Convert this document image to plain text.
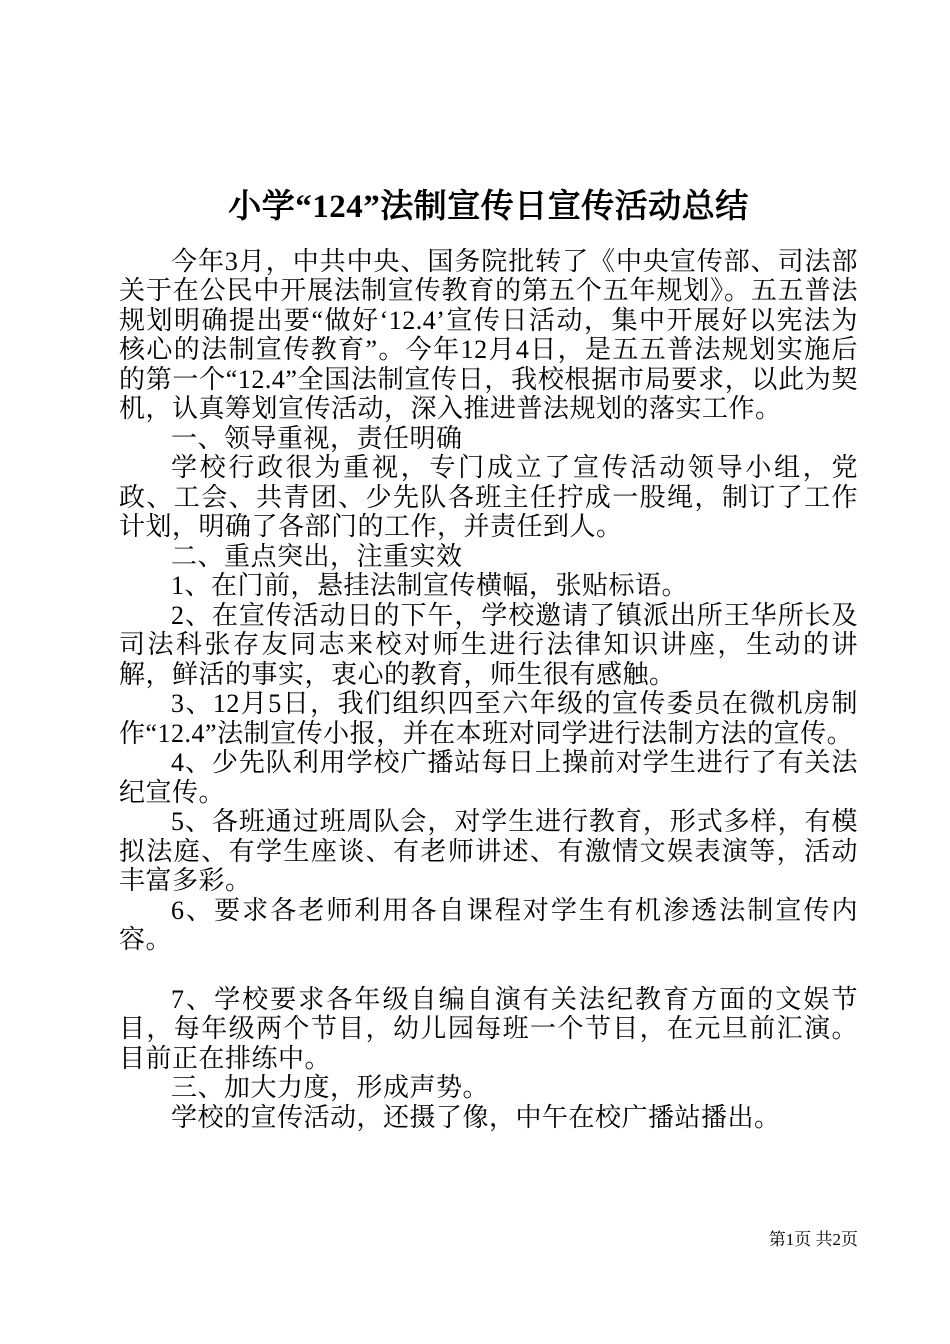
小学“124”法制宣传日宣传活动总结

今年3月，中共中央、国务院批转了《中央宣传部、司法部关于在公民中开展法制宣传教育的第五个五年规划》。五五普法规划明确提出要“做好‘12.4’宣传日活动，集中开展好以宪法为核心的法制宣传教育”。今年12月4日，是五五普法规划实施后的第一个“12.4”全国法制宣传日，我校根据市局要求，以此为契机，认真筹划宣传活动，深入推进普法规划的落实工作。

一、领导重视，责任明确

学校行政很为重视，专门成立了宣传活动领导小组，党政、工会、共青团、少先队各班主任拧成一股绳，制订了工作计划，明确了各部门的工作，并责任到人。

二、重点突出，注重实效

1、在门前，悬挂法制宣传横幅，张贴标语。

2、在宣传活动日的下午，学校邀请了镇派出所王华所长及司法科张存友同志来校对师生进行法律知识讲座，生动的讲解，鲜活的事实，衷心的教育，师生很有感触。

3、12月5日，我们组织四至六年级的宣传委员在微机房制作“12.4”法制宣传小报，并在本班对同学进行法制方法的宣传。

4、少先队利用学校广播站每日上操前对学生进行了有关法纪宣传。

5、各班通过班周队会，对学生进行教育，形式多样，有模拟法庭、有学生座谈、有老师讲述、有激情文娱表演等，活动丰富多彩。

6、要求各老师利用各自课程对学生有机渗透法制宣传内容。

7、学校要求各年级自编自演有关法纪教育方面的文娱节目，每年级两个节目，幼儿园每班一个节目，在元旦前汇演。目前正在排练中。

三、加大力度，形成声势。

学校的宣传活动，还摄了像，中午在校广播站播出。

第1页 共2页
